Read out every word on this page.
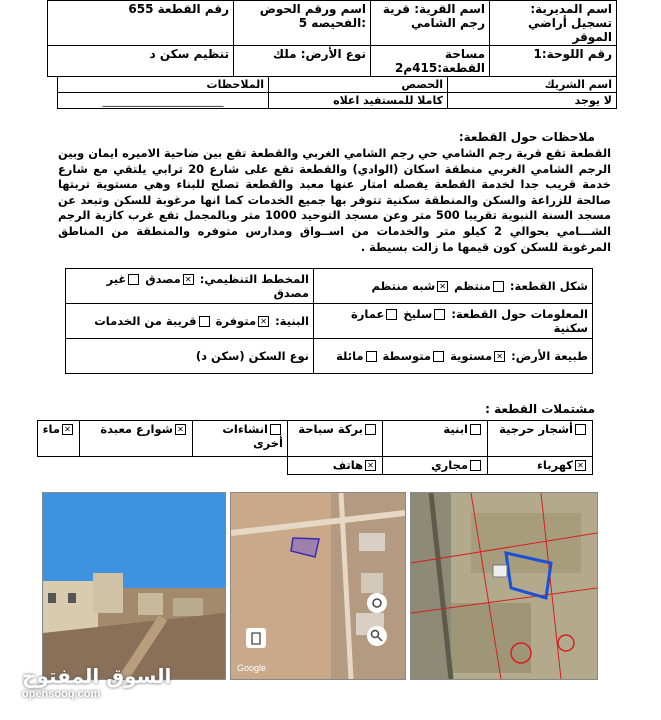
اسم المديرية: تسجيل أراضي الموقر	اسم القرية: قرية رجم الشامي	اسم ورقم الحوض :الفحيصه 5	رقم القطعة 655
رقم اللوحة:1	مساحة القطعة:415م2	نوع الأرض: ملك	تنظيم سكن د
اسم الشريك	الحصص	الملاحظات
لا يوجد	كاملا للمستفيد اعلاه	______________________
ملاحظات حول القطعة:
القطعة تقع قرية رجم الشامي حي رجم الشامي الغربي والقطعة تقع بين ضاحية الاميره ايمان وبين الرجم الشامي الغربي منطقة اسكان (الوادي) والقطعة تقع على شارع 20 ترابي يلتقي مع شارع خدمة قريب جدا لخدمة القطعة يفصله امتار عنها معبد والقطعة تصلح للبناء وهي مستوية تربتها صالحة للزراعة والسكن والمنطقة سكنية تتوفر بها جميع الخدمات كما انها مرغوبة للسكن وتبعد عن مسجد السنة النبوية تقريبا 500 متر وعن مسجد التوحيد 1000 متر وبالمجمل تقع غرب كازية الرجم الشـــامي بحوالي 2 كيلو متر والخدمات من اســواق ومدارس متوفره والمنطقة من المناطق المرغوبة للسكن كون قيمها ما زالت بسيطة .
شكل القطعة: منتظم ✕شبه منتظم	المخطط التنظيمي: ✕مصدق غير مصدق
المعلومات حول القطعة: سليخ عمارة سكنية	البنية: ✕متوفرة قريبة من الخدمات
طبيعة الأرض: ✕مستوية متوسطة مائلة	نوع السكن (سكن د)
مشتملات القطعة :
أشجار حرجية	ابنية	بركة سباحة	انشاءات أخرى	✕شوارع معبدة	✕ماء
✕كهرباء	مجاري	✕هاتف			
Google
السوق المفتوح
opensooq.com
